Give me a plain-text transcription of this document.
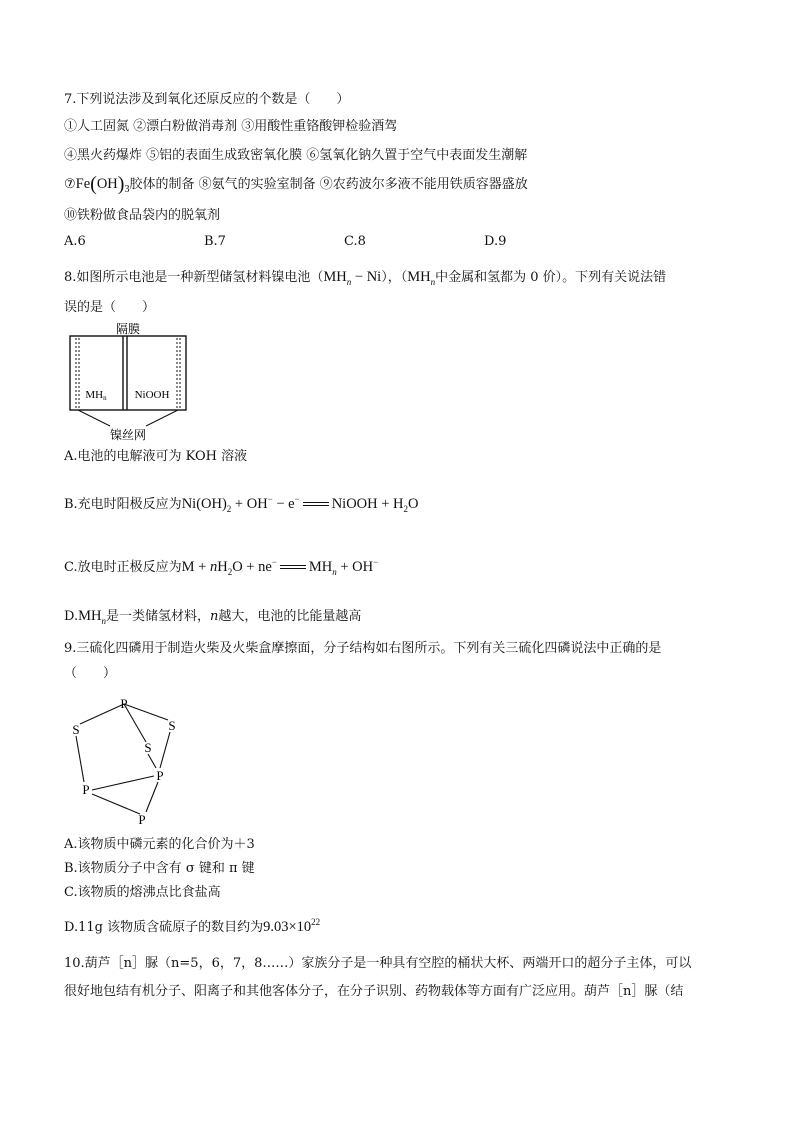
7.下列说法涉及到氧化还原反应的个数是（　　）
①人工固氮 ②漂白粉做消毒剂 ③用酸性重铬酸钾检验酒驾
④黑火药爆炸 ⑤铝的表面生成致密氧化膜 ⑥氢氧化钠久置于空气中表面发生潮解
$⑦Fe(OH)_3$胶体的制备 ⑧氨气的实验室制备 ⑨农药波尔多液不能用铁质容器盛放
⑩铁粉做食品袋内的脱氧剂
A.6	B.7	C.8	D.9
8.如图所示电池是一种新型储氢材料镍电池$(MH_n - Ni)$，（$MH_n$中金属和氢都为 0 价）。下列有关说法错
误的是（　　）
隔膜
MHn	NiOOH
镍丝网
A.电池的电解液可为 KOH 溶液
B.充电时阳极反应为$Ni(OH)_2 + OH^- - e^-$ NiOOH + $H_2O$
C.放电时正极反应为$M + nH_2O + ne^-$ $MH_n + OH^-$
$D.MH_n$是一类储氢材料，n越大，电池的比能量越高
9.三硫化四磷用于制造火柴及火柴盒摩擦面，分子结构如右图所示。下列有关三硫化四磷说法中正确的是
（　　）
P
S	S
S
P
P
P
A.该物质中磷元素的化合价为＋3
B.该物质分子中含有 σ 键和 π 键
C.该物质的熔沸点比食盐高
D.11g 该物质含硫原子的数目约为$9.03\times 10^{22}$
10.葫芦［n］脲（n=5，6，7，8……）家族分子是一种具有空腔的桶状大杯、两端开口的超分子主体，可以
很好地包结有机分子、阳离子和其他客体分子，在分子识别、药物载体等方面有广泛应用。葫芦［n］脲（结
